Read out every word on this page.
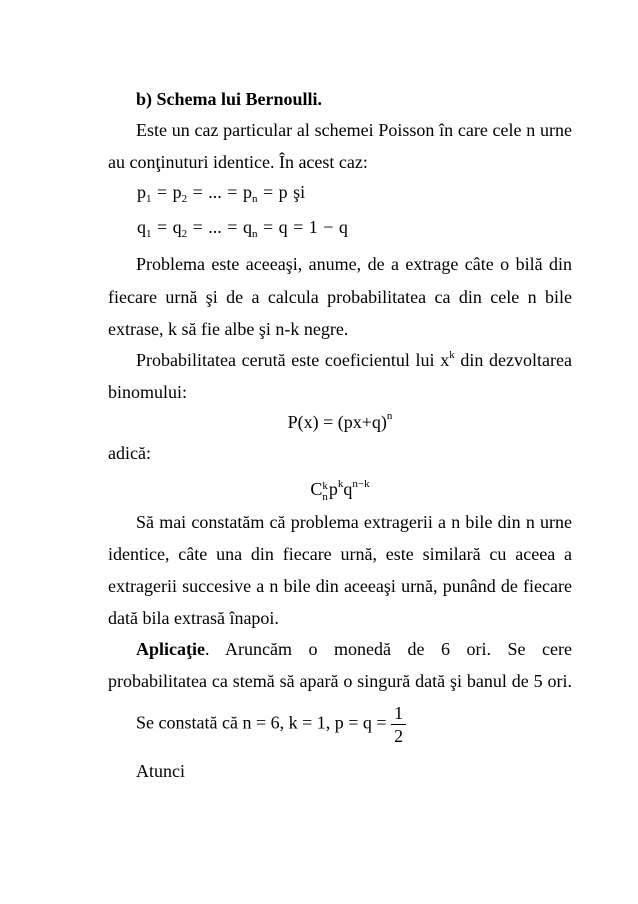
b) Schema lui Bernoulli.
Este un caz particular al schemei Poisson în care cele n urne
au conţinuturi identice. În acest caz:
$p_1 = p_2$ = ... = $p_n = p$ şi
$q_1 = q_2$ = ... = $q_n = q = 1 - q$
Problema este aceeaşi, anume, de a extrage câte o bilă din
fiecare urnă şi de a calcula probabilitatea ca din cele n bile
extrase, k să fie albe şi n-k negre.
Probabilitatea cerută este coeficientul lui $x^k$ din dezvoltarea
binomului:
$P(x) = (px+q)^n$
adică:
C k
n $p^kq^{n-k}$
Să mai constatăm că problema extragerii a n bile din n urne
identice, câte una din fiecare urnă, este similară cu aceea a
extragerii succesive a n bile din aceeaşi urnă, punând de fiecare
dată bila extrasă înapoi.
Aplicaţie. Aruncăm o monedă de 6 ori. Se cere
probabilitatea ca stemă să apară o singură dată şi banul de 5 ori.
Se constată că n = 6, k = 1, $p = q = \frac{1}{2}$
Atunci
